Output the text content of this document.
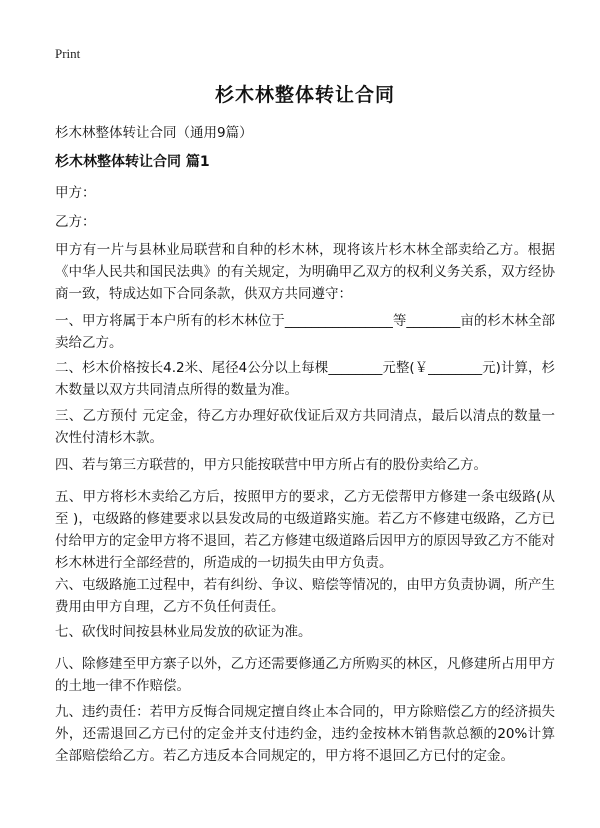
Print
杉木林整体转让合同
杉木林整体转让合同（通用9篇）
杉木林整体转让合同 篇1
甲方：
乙方：
甲方有一片与县林业局联营和自种的杉木林，现将该片杉木林全部卖给乙方。根据《中华人民共和国民法典》的有关规定，为明确甲乙双方的权利义务关系，双方经协商一致，特成达如下合同条款，供双方共同遵守：
一、甲方将属于本户所有的杉木林位于________________等________亩的杉木林全部卖给乙方。
二、杉木价格按长4.2米、尾径4公分以上每棵________元整(￥________元)计算，杉木数量以双方共同清点所得的数量为准。
三、乙方预付 元定金，待乙方办理好砍伐证后双方共同清点，最后以清点的数量一次性付清杉木款。
四、若与第三方联营的，甲方只能按联营中甲方所占有的股份卖给乙方。
五、甲方将杉木卖给乙方后，按照甲方的要求，乙方无偿帮甲方修建一条屯级路(从 至 )，屯级路的修建要求以县发改局的屯级道路实施。若乙方不修建屯级路，乙方已付给甲方的定金甲方将不退回，若乙方修建屯级道路后因甲方的原因导致乙方不能对杉木林进行全部经营的，所造成的一切损失由甲方负责。
六、屯级路施工过程中，若有纠纷、争议、赔偿等情况的，由甲方负责协调，所产生费用由甲方自理，乙方不负任何责任。
七、砍伐时间按县林业局发放的砍证为准。
八、除修建至甲方寨子以外，乙方还需要修通乙方所购买的林区，凡修建所占用甲方的土地一律不作赔偿。
九、违约责任：若甲方反悔合同规定擅自终止本合同的，甲方除赔偿乙方的经济损失外，还需退回乙方已付的定金并支付违约金，违约金按林木销售款总额的20%计算全部赔偿给乙方。若乙方违反本合同规定的，甲方将不退回乙方已付的定金。
